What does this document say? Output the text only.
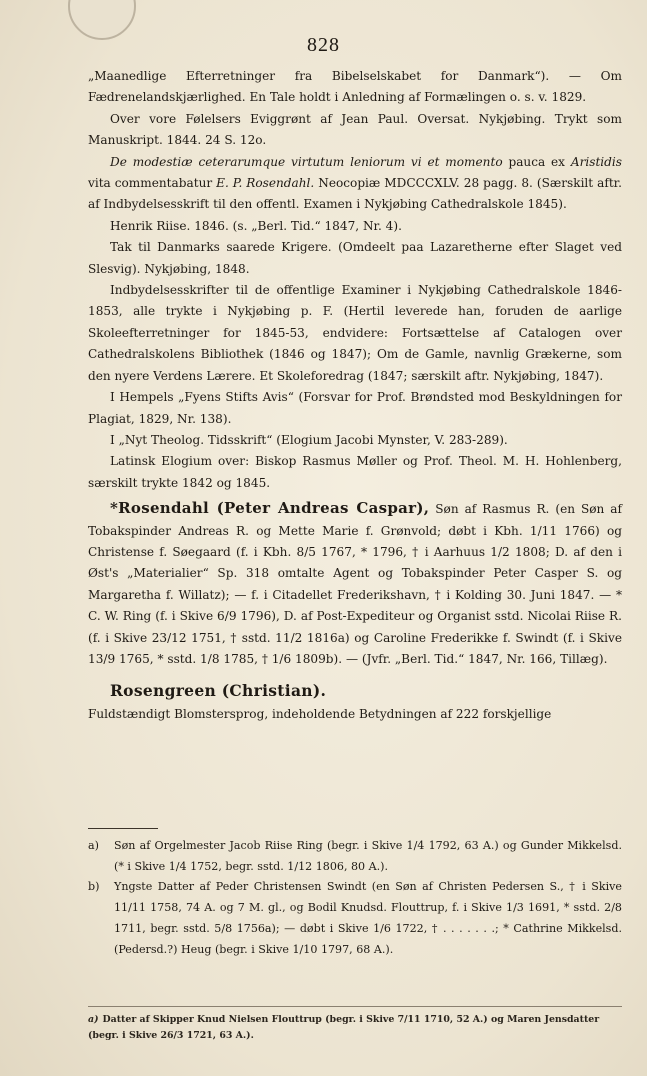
828

„Maanedlige Efterretninger fra Bibelselskabet for Danmark“). — Om Fædrenelandskjærlighed. En Tale holdt i Anledning af Formælingen o. s. v. 1829.

Over vore Følelsers Eviggrønt af Jean Paul. Oversat. Nykjøbing. Trykt som Manuskript. 1844. 24 S. 12o.

De modestiæ ceterarumque virtutum leniorum vi et momento pauca ex Aristidis vita commentabatur E. P. Rosendahl. Neocopiæ MDCCCXLV. 28 pagg. 8. (Særskilt aftr. af Indbydelsesskrift til den offentl. Examen i Nykjøbing Cathedralskole 1845).

Henrik Riise. 1846. (s. „Berl. Tid.“ 1847, Nr. 4).

Tak til Danmarks saarede Krigere. (Omdeelt paa Lazaretherne efter Slaget ved Slesvig). Nykjøbing, 1848.

Indbydelsesskrifter til de offentlige Examiner i Nykjøbing Cathedralskole 1846-1853, alle trykte i Nykjøbing p. F. (Hertil leverede han, foruden de aarlige Skoleefterretninger for 1845-53, endvidere: Fortsættelse af Catalogen over Cathedralskolens Bibliothek (1846 og 1847); Om de Gamle, navnlig Grækerne, som den nyere Verdens Lærere. Et Skoleforedrag (1847; særskilt aftr. Nykjøbing, 1847).

I Hempels „Fyens Stifts Avis“ (Forsvar for Prof. Brøndsted mod Beskyldningen for Plagiat, 1829, Nr. 138).

I „Nyt Theolog. Tidsskrift“ (Elogium Jacobi Mynster, V. 283-289).

Latinsk Elogium over: Biskop Rasmus Møller og Prof. Theol. M. H. Hohlenberg, særskilt trykte 1842 og 1845.

*Rosendahl (Peter Andreas Caspar), Søn af Rasmus R. (en Søn af Tobakspinder Andreas R. og Mette Marie f. Grønvold; døbt i Kbh. 1/11 1766) og Christense f. Søegaard (f. i Kbh. 8/5 1767, * 1796, † i Aarhuus 1/2 1808; D. af den i Øst's „Materialier“ Sp. 318 omtalte Agent og Tobakspinder Peter Casper S. og Margaretha f. Willatz); — f. i Citadellet Frederikshavn, † i Kolding 30. Juni 1847. — * C. W. Ring (f. i Skive 6/9 1796), D. af Post-Expediteur og Organist sstd. Nicolai Riise R. (f. i Skive 23/12 1751, † sstd. 11/2 1816a) og Caroline Frederikke f. Swindt (f. i Skive 13/9 1765, * sstd. 1/8 1785, † 1/6 1809b). — (Jvfr. „Berl. Tid.“ 1847, Nr. 166, Tillæg).

Rosengreen (Christian).

Fuldstændigt Blomstersprog, indeholdende Betydningen af 222 forskjellige

a) Søn af Orgelmester Jacob Riise Ring (begr. i Skive 1/4 1792, 63 A.) og Gunder Mikkelsd. (* i Skive 1/4 1752, begr. sstd. 1/12 1806, 80 A.).
b) Yngste Datter af Peder Christensen Swindt (en Søn af Christen Pedersen S., † i Skive 11/11 1758, 74 A. og 7 M. gl., og Bodil Knudsd. Flouttrup, f. i Skive 1/3 1691, * sstd. 2/8 1711, begr. sstd. 5/8 1756a); — døbt i Skive 1/6 1722, † . . . . . . .; * Cathrine Mikkelsd. (Pedersd.?) Heug (begr. i Skive 1/10 1797, 68 A.).
a) Datter af Skipper Knud Nielsen Flouttrup (begr. i Skive 7/11 1710, 52 A.) og Maren Jensdatter (begr. i Skive 26/3 1721, 63 A.).
